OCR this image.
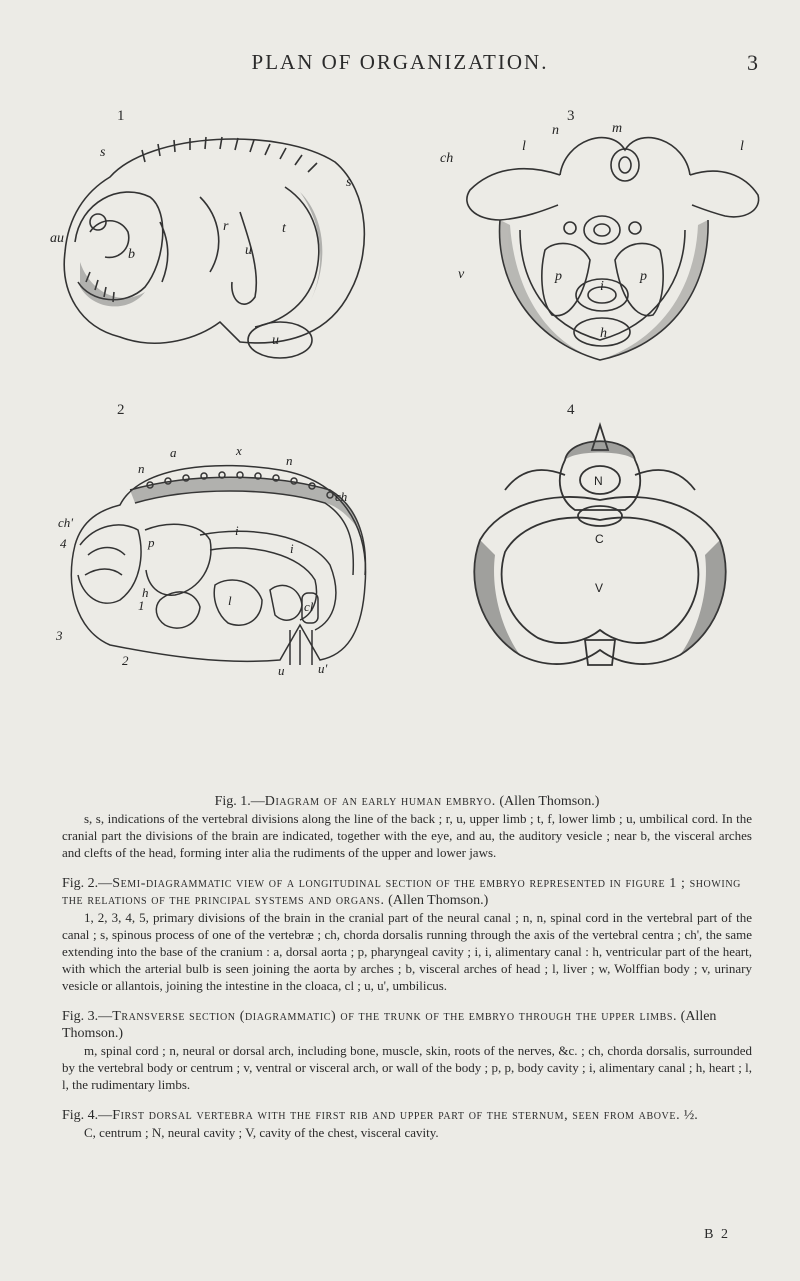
PLAN OF ORGANIZATION.	3
1
s
s
au
b
r
u
u
t
3
m
n
ch
l	l
v	p	p
i
h
2
a	x
n
n
ch
ch'
4
3
2
1
p
i
i
l
h
cl
u	u'
4
N
C
V
Fig. 1.—Diagram of an early human embryo. (Allen Thomson.)

s, s, indications of the vertebral divisions along the line of the back ; r, u, upper limb ; t, f, lower limb ; u, umbilical cord. In the cranial part the divisions of the brain are indicated, together with the eye, and au, the auditory vesicle ; near b, the visceral arches and clefts of the head, forming inter alia the rudiments of the upper and lower jaws.

Fig. 2.—Semi-diagrammatic view of a longitudinal section of the embryo represented in figure 1 ; showing the relations of the principal systems and organs. (Allen Thomson.)

1, 2, 3, 4, 5, primary divisions of the brain in the cranial part of the neural canal ; n, n, spinal cord in the vertebral part of the canal ; s, spinous process of one of the vertebræ ; ch, chorda dorsalis running through the axis of the vertebral centra ; ch', the same extending into the base of the cranium : a, dorsal aorta ; p, pharyngeal cavity ; i, i, alimentary canal : h, ventricular part of the heart, with which the arterial bulb is seen joining the aorta by arches ; b, visceral arches of head ; l, liver ; w, Wolffian body ; v, urinary vesicle or allantois, joining the intestine in the cloaca, cl ; u, u', umbilicus.

Fig. 3.—Transverse section (diagrammatic) of the trunk of the embryo through the upper limbs. (Allen Thomson.)

m, spinal cord ; n, neural or dorsal arch, including bone, muscle, skin, roots of the nerves, &c. ; ch, chorda dorsalis, surrounded by the vertebral body or centrum ; v, ventral or visceral arch, or wall of the body ; p, p, body cavity ; i, alimentary canal ; h, heart ; l, l, the rudimentary limbs.

Fig. 4.—First dorsal vertebra with the first rib and upper part of the sternum, seen from above. ½.

C, centrum ; N, neural cavity ; V, cavity of the chest, visceral cavity.

B 2
